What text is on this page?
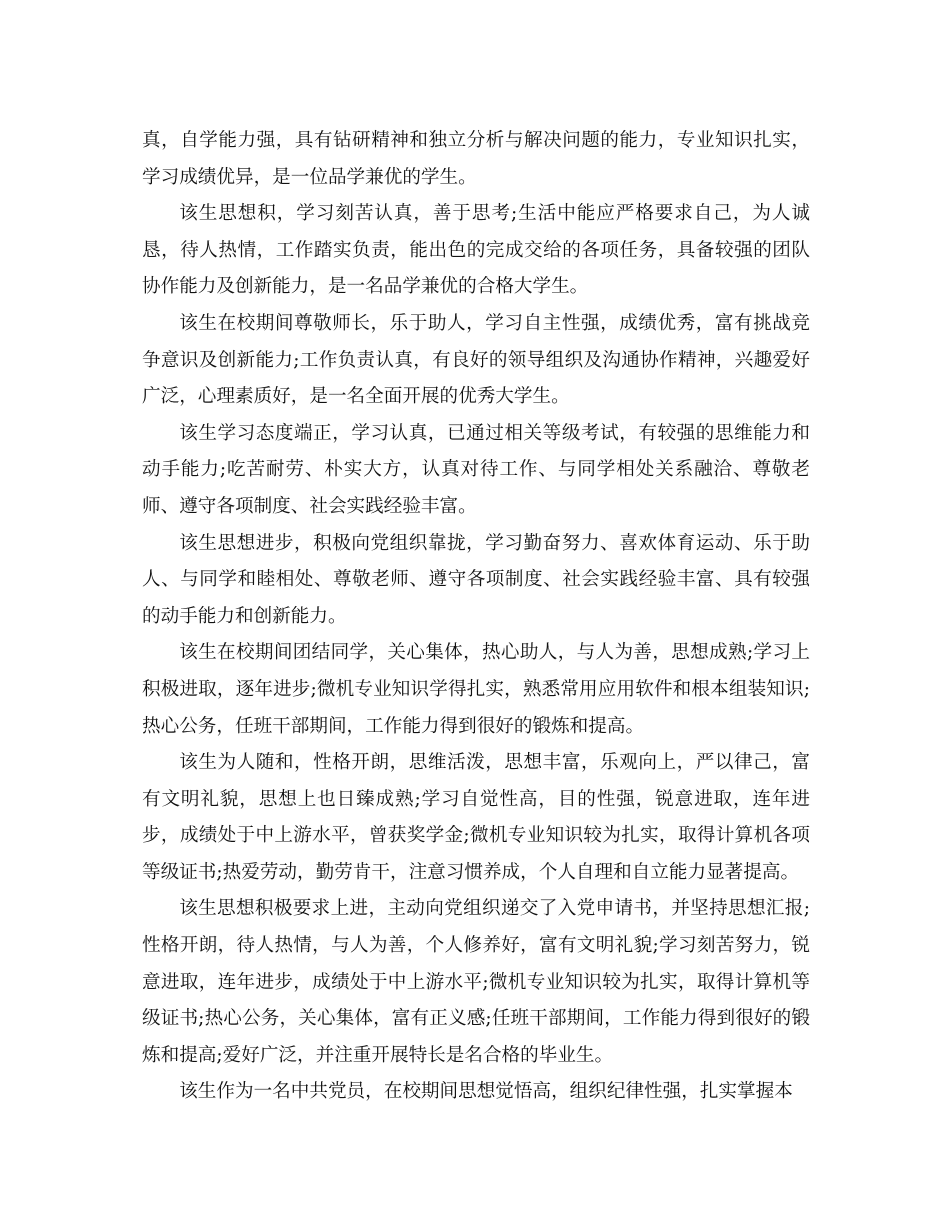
真，自学能力强，具有钻研精神和独立分析与解决问题的能力，专业知识扎实，学习成绩优异，是一位品学兼优的学生。

该生思想积，学习刻苦认真，善于思考;生活中能应严格要求自己，为人诚恳，待人热情，工作踏实负责，能出色的完成交给的各项任务，具备较强的团队协作能力及创新能力，是一名品学兼优的合格大学生。

该生在校期间尊敬师长，乐于助人，学习自主性强，成绩优秀，富有挑战竞争意识及创新能力;工作负责认真，有良好的领导组织及沟通协作精神，兴趣爱好广泛，心理素质好，是一名全面开展的优秀大学生。

该生学习态度端正，学习认真，已通过相关等级考试，有较强的思维能力和动手能力;吃苦耐劳、朴实大方，认真对待工作、与同学相处关系融洽、尊敬老师、遵守各项制度、社会实践经验丰富。

该生思想进步，积极向党组织靠拢，学习勤奋努力、喜欢体育运动、乐于助人、与同学和睦相处、尊敬老师、遵守各项制度、社会实践经验丰富、具有较强的动手能力和创新能力。

该生在校期间团结同学，关心集体，热心助人，与人为善，思想成熟;学习上积极进取，逐年进步;微机专业知识学得扎实，熟悉常用应用软件和根本组装知识;热心公务，任班干部期间，工作能力得到很好的锻炼和提高。

该生为人随和，性格开朗，思维活泼，思想丰富，乐观向上，严以律己，富有文明礼貌，思想上也日臻成熟;学习自觉性高，目的性强，锐意进取，连年进步，成绩处于中上游水平，曾获奖学金;微机专业知识较为扎实，取得计算机各项等级证书;热爱劳动，勤劳肯干，注意习惯养成，个人自理和自立能力显著提高。

该生思想积极要求上进，主动向党组织递交了入党申请书，并坚持思想汇报;性格开朗，待人热情，与人为善，个人修养好，富有文明礼貌;学习刻苦努力，锐意进取，连年进步，成绩处于中上游水平;微机专业知识较为扎实，取得计算机等级证书;热心公务，关心集体，富有正义感;任班干部期间，工作能力得到很好的锻炼和提高;爱好广泛，并注重开展特长是名合格的毕业生。

该生作为一名中共党员，在校期间思想觉悟高，组织纪律性强，扎实掌握本
